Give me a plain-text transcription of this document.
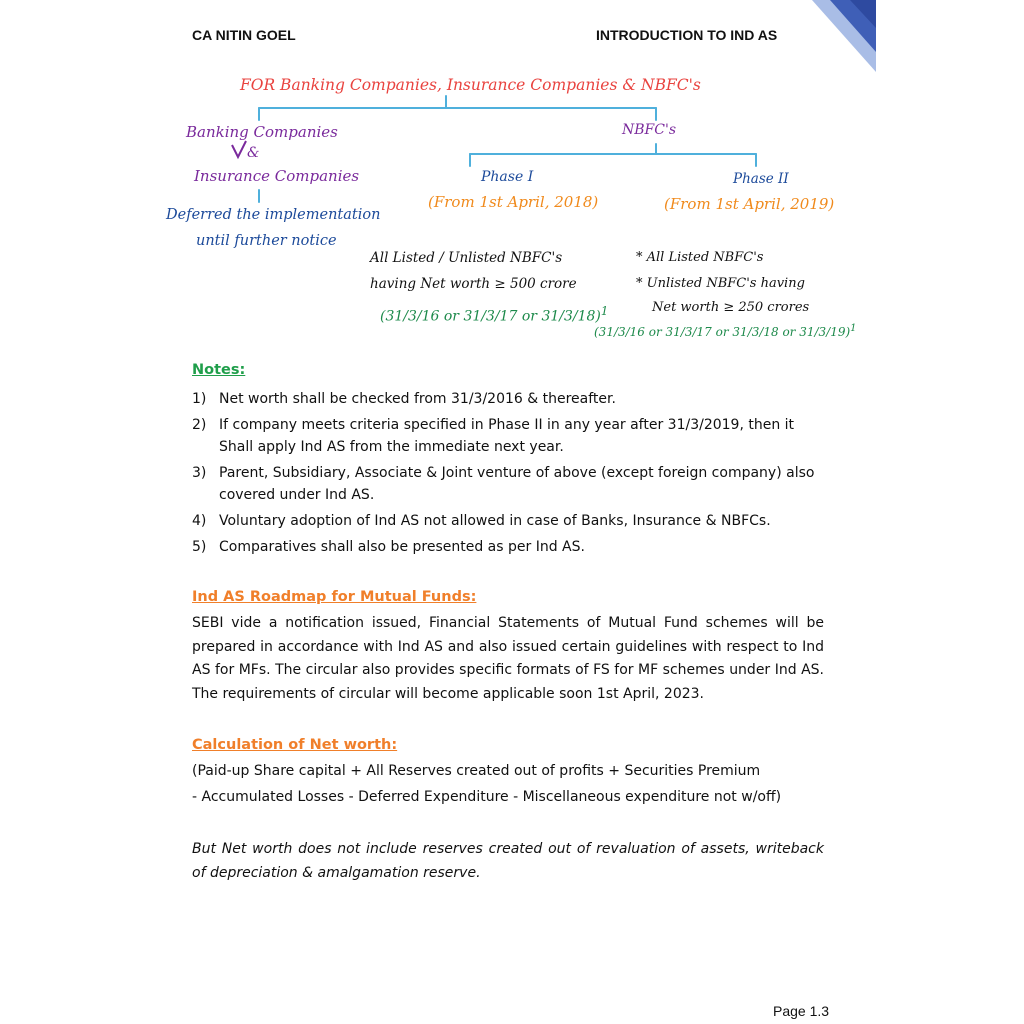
CA NITIN GOEL	INTRODUCTION TO IND AS
FOR Banking Companies, Insurance Companies & NBFC's
Banking Companies
&
Insurance Companies
Deferred the implementation
until further notice
NBFC's
Phase I
(From 1st April, 2018)
All Listed / Unlisted NBFC's
having Net worth ≥ 500 crore
(31/3/16 or 31/3/17 or 31/3/18)$^1$
Phase II
(From 1st April, 2019)
* All Listed NBFC's
* Unlisted NBFC's having
Net worth ≥ 250 crores
(31/3/16 or 31/3/17 or 31/3/18 or 31/3/19)$^1$
Notes:
1) Net worth shall be checked from 31/3/2016 & thereafter.
2) If company meets criteria specified in Phase II in any year after 31/3/2019, then it Shall apply Ind AS from the immediate next year.
3) Parent, Subsidiary, Associate & Joint venture of above (except foreign company) also covered under Ind AS.
4) Voluntary adoption of Ind AS not allowed in case of Banks, Insurance & NBFCs.
5) Comparatives shall also be presented as per Ind AS.
Ind AS Roadmap for Mutual Funds:
SEBI vide a notification issued, Financial Statements of Mutual Fund schemes will be prepared in accordance with Ind AS and also issued certain guidelines with respect to Ind AS for MFs. The circular also provides specific formats of FS for MF schemes under Ind AS. The requirements of circular will become applicable soon 1st April, 2023.
Calculation of Net worth:
(Paid-up Share capital + All Reserves created out of profits + Securities Premium
- Accumulated Losses - Deferred Expenditure - Miscellaneous expenditure not w/off)
But Net worth does not include reserves created out of revaluation of assets, writeback of depreciation & amalgamation reserve.
Page 1.3
